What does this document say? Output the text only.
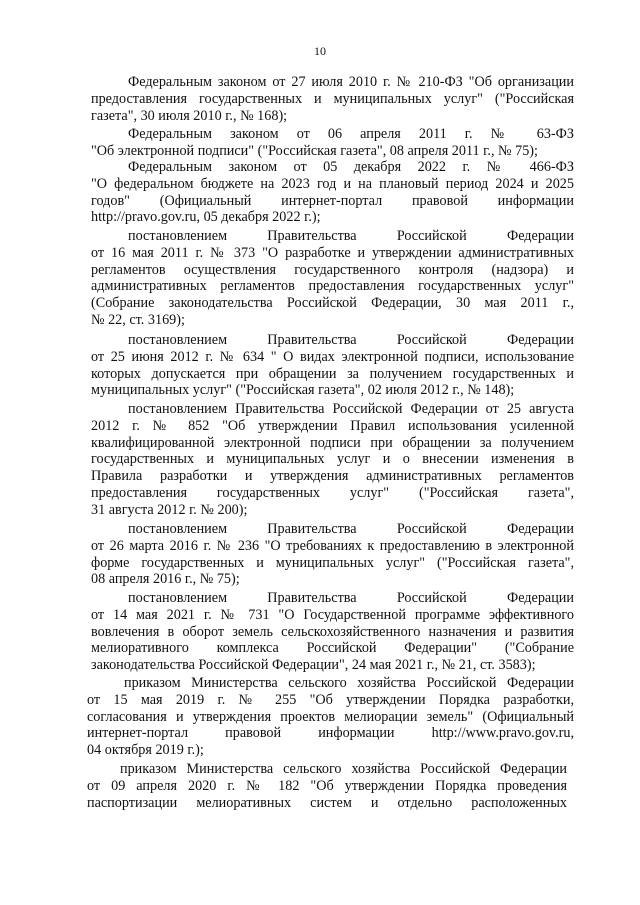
10
Федеральным законом от 27 июля 2010 г. № 210-ФЗ "Об организации
предоставления государственных и муниципальных услуг" ("Российская
газета", 30 июля 2010 г., № 168);
Федеральным законом от 06 апреля 2011 г. № 63-ФЗ
"Об электронной подписи" ("Российская газета", 08 апреля 2011 г., № 75);
Федеральным законом от 05 декабря 2022 г. № 466-ФЗ
"О федеральном бюджете на 2023 год и на плановый период 2024 и 2025
годов" (Официальный интернет-портал правовой информации
http://pravo.gov.ru, 05 декабря 2022 г.);
постановлением Правительства Российской Федерации
от 16 мая 2011 г. № 373 "О разработке и утверждении административных
регламентов осуществления государственного контроля (надзора) и
административных регламентов предоставления государственных услуг"
(Собрание законодательства Российской Федерации, 30 мая 2011 г.,
№ 22, ст. 3169);
постановлением Правительства Российской Федерации
от 25 июня 2012 г. № 634 " О видах электронной подписи, использование
которых допускается при обращении за получением государственных и
муниципальных услуг" ("Российская газета", 02 июля 2012 г., № 148);
постановлением Правительства Российской Федерации от 25 августа
2012 г. № 852 "Об утверждении Правил использования усиленной
квалифицированной электронной подписи при обращении за получением
государственных и муниципальных услуг и о внесении изменения в
Правила разработки и утверждения административных регламентов
предоставления государственных услуг" ("Российская газета",
31 августа 2012 г. № 200);
постановлением Правительства Российской Федерации
от 26 марта 2016 г. № 236 "О требованиях к предоставлению в электронной
форме государственных и муниципальных услуг" ("Российская газета",
08 апреля 2016 г., № 75);
постановлением Правительства Российской Федерации
от 14 мая 2021 г. № 731 "О Государственной программе эффективного
вовлечения в оборот земель сельскохозяйственного назначения и развития
мелиоративного комплекса Российской Федерации" ("Собрание
законодательства Российской Федерации", 24 мая 2021 г., № 21, ст. 3583);
приказом Министерства сельского хозяйства Российской Федерации
от 15 мая 2019 г. № 255 "Об утверждении Порядка разработки,
согласования и утверждения проектов мелиорации земель" (Официальный
интернет-портал правовой информации http://www.pravo.gov.ru,
04 октября 2019 г.);
приказом Министерства сельского хозяйства Российской Федерации
от 09 апреля 2020 г. № 182 "Об утверждении Порядка проведения
паспортизации мелиоративных систем и отдельно расположенных
